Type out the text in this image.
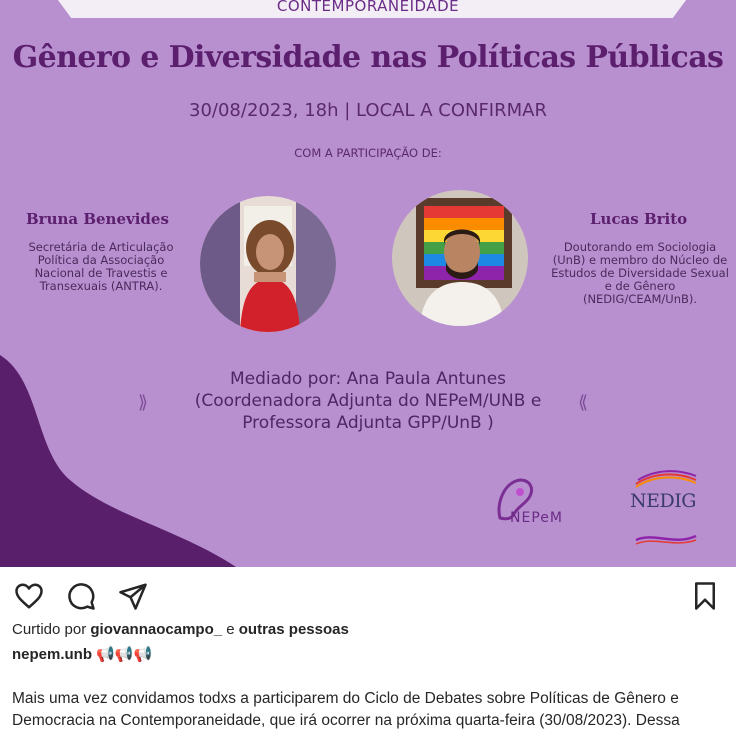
CONTEMPORANEIDADE
Gênero e Diversidade nas Políticas Públicas
30/08/2023, 18h | LOCAL A CONFIRMAR
COM A PARTICIPAÇÃO DE:
Bruna Benevides
Secretária de Articulação Política da Associação Nacional de Travestis e Transexuais (ANTRA).
Lucas Brito
Doutorando em Sociologia (UnB) e membro do Núcleo de Estudos de Diversidade Sexual e de Gênero (NEDIG/CEAM/UnB).
⟫
Mediado por: Ana Paula Antunes
(Coordenadora Adjunta do NEPeM/UNB e
Professora Adjunta GPP/UnB )
⟪
NEPeM
NEDIG
Curtido por giovannaocampo_ e outras pessoas
nepem.unb 📢📢📢
Mais uma vez convidamos todxs a participarem do Ciclo de Debates sobre Políticas de Gênero e
Democracia na Contemporaneidade, que irá ocorrer na próxima quarta-feira (30/08/2023). Dessa
